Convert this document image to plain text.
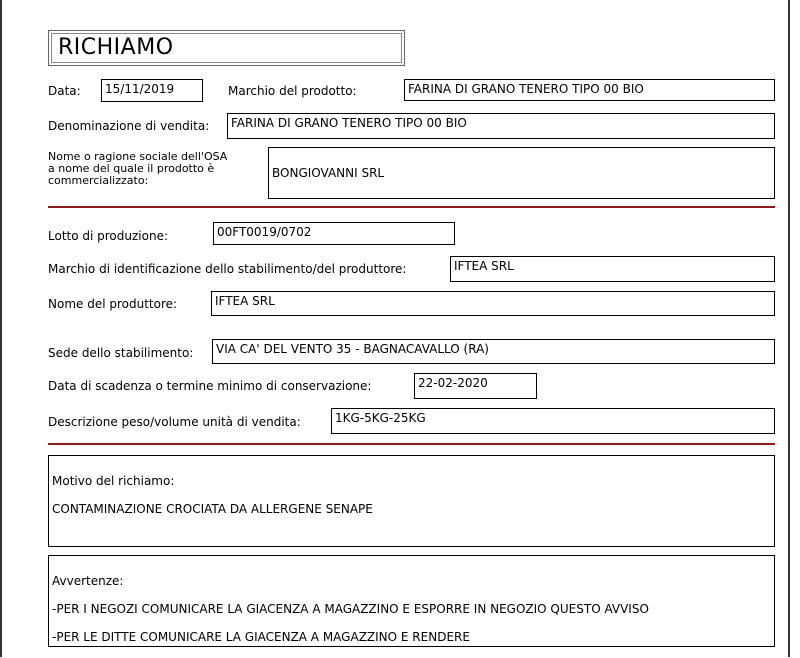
RICHIAMO
Data:	15/11/2019	Marchio del prodotto:	FARINA DI GRANO TENERO TIPO 00 BIO
Denominazione di vendita:	FARINA DI GRANO TENERO TIPO 00 BIO
Nome o ragione sociale dell'OSA
a nome del quale il prodotto è
commercializzato:
BONGIOVANNI SRL
Lotto di produzione:	00FT0019/0702
Marchio di identificazione dello stabilimento/del produttore:	IFTEA SRL
Nome del produttore:	IFTEA SRL
Sede dello stabilimento:	VIA CA' DEL VENTO 35 - BAGNACAVALLO (RA)
Data di scadenza o termine minimo di conservazione:	22-02-2020
Descrizione peso/volume unità di vendita:	1KG-5KG-25KG

Motivo del richiamo:

CONTAMINAZIONE CROCIATA DA ALLERGENE SENAPE

Avvertenze:

-PER I NEGOZI COMUNICARE LA GIACENZA A MAGAZZINO E ESPORRE IN NEGOZIO QUESTO AVVISO

-PER LE DITTE COMUNICARE LA GIACENZA A MAGAZZINO E RENDERE
